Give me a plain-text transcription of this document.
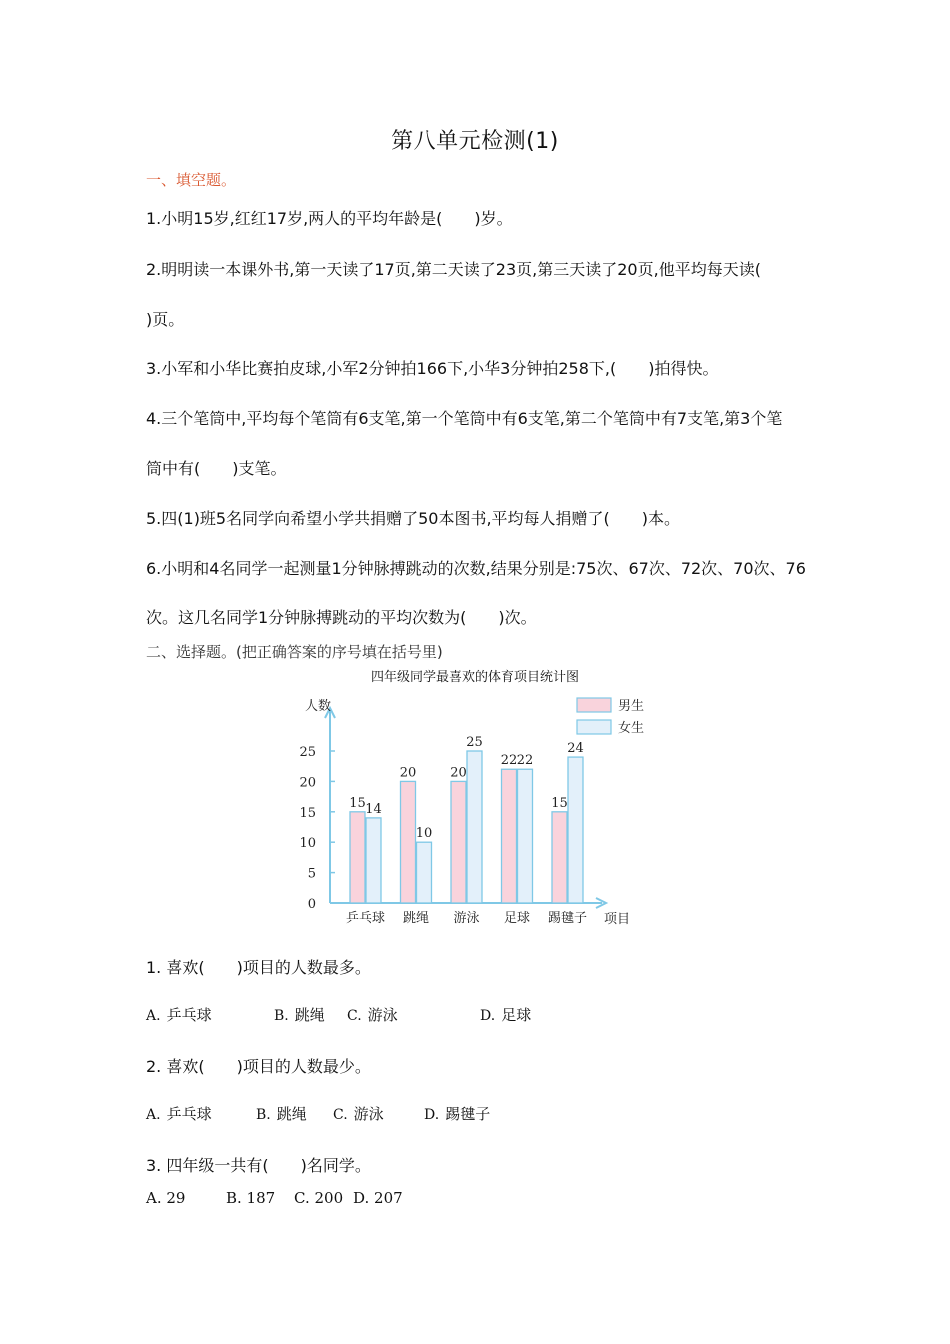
第八单元检测(1)
一、填空题。
1.小明15岁,红红17岁,两人的平均年龄是(　　)岁。
2.明明读一本课外书,第一天读了17页,第二天读了23页,第三天读了20页,他平均每天读(
)页。
3.小军和小华比赛拍皮球,小军2分钟拍166下,小华3分钟拍258下,(　　)拍得快。
4.三个笔筒中,平均每个笔筒有6支笔,第一个笔筒中有6支笔,第二个笔筒中有7支笔,第3个笔
筒中有(　　)支笔。
5.四(1)班5名同学向希望小学共捐赠了50本图书,平均每人捐赠了(　　)本。
6.小明和4名同学一起测量1分钟脉搏跳动的次数,结果分别是:75次、67次、72次、70次、76
次。这几名同学1分钟脉搏跳动的平均次数为(　　)次。
二、选择题。(把正确答案的序号填在括号里)
四年级同学最喜欢的体育项目统计图
人数
项目
0
5
10
15
20
25
15 14
乒乓球
20
10
跳绳
20
25
游泳
22 22
足球
15
24
踢毽子
男生
女生
1. 喜欢(　　)项目的人数最多。
A. 乒乓球	B. 跳绳 C. 游泳	D. 足球
2. 喜欢(　　)项目的人数最少。
A. 乒乓球	B. 跳绳 C. 游泳	D. 踢毽子
3. 四年级一共有(　　)名同学。
A. 29	B. 187 C. 200 D. 207
